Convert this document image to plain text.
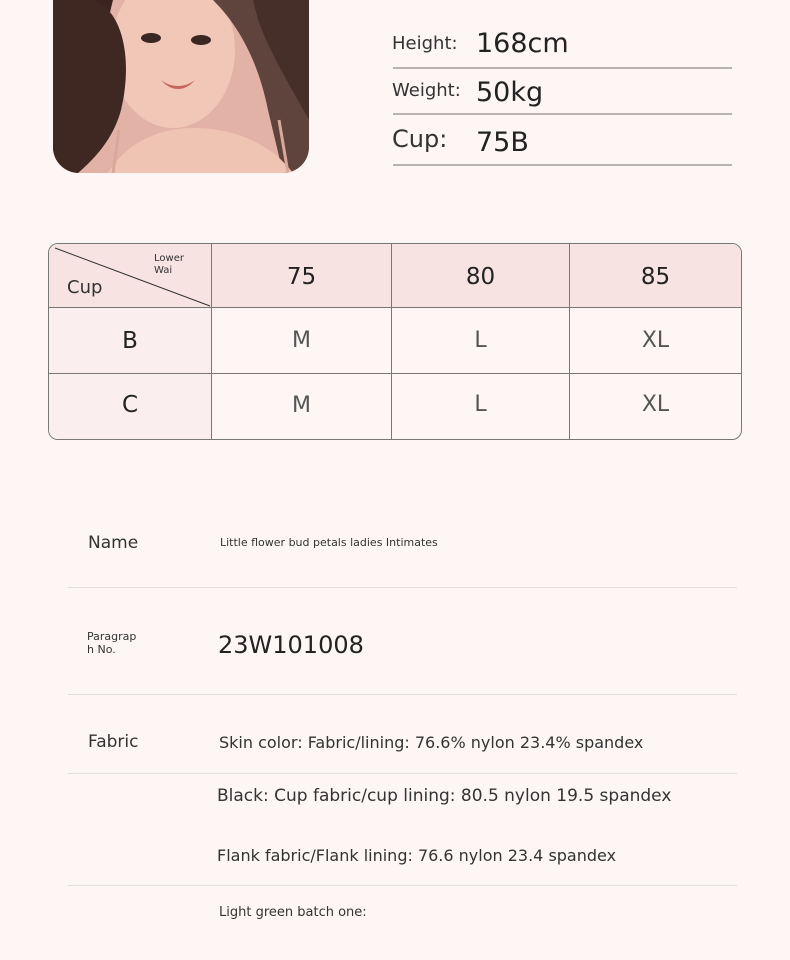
Height: 168cm
Weight: 50kg
Cup: 75B
Lower
Wai
Cup	75	80	85
B	M	L	XL
C	M	L	XL
Name	Little flower bud petals ladies Intimates
Paragrap
h No.	23W101008
Fabric	Skin color: Fabric/lining: 76.6% nylon 23.4% spandex
Black: Cup fabric/cup lining: 80.5 nylon 19.5 spandex
Flank fabric/Flank lining: 76.6 nylon 23.4 spandex
Light green batch one:
